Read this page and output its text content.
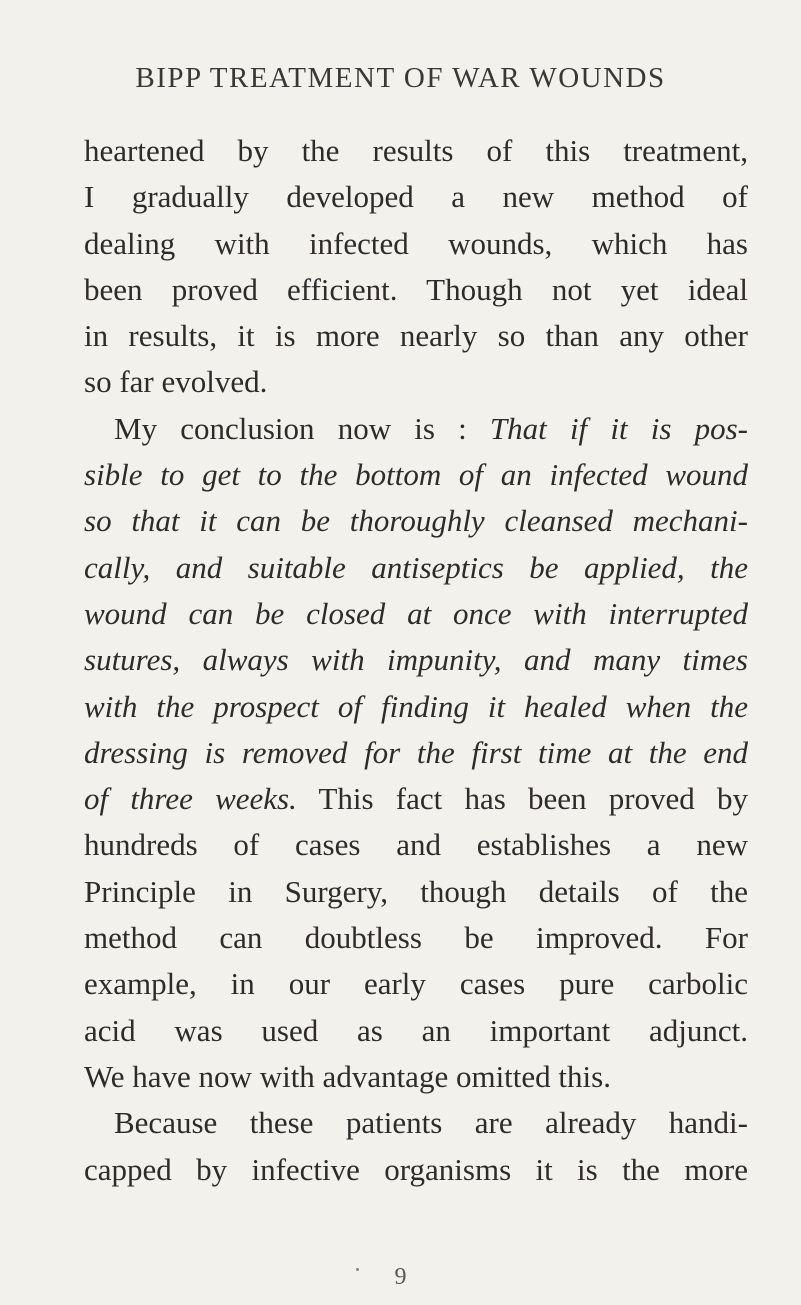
BIPP TREATMENT OF WAR WOUNDS
heartened by the results of this treatment,
I gradually developed a new method of
dealing with infected wounds, which has
been proved efficient. Though not yet ideal
in results, it is more nearly so than any other
so far evolved.
My conclusion now is : That if it is pos-
sible to get to the bottom of an infected wound
so that it can be thoroughly cleansed mechani-
cally, and suitable antiseptics be applied, the
wound can be closed at once with interrupted
sutures, always with impunity, and many times
with the prospect of finding it healed when the
dressing is removed for the first time at the end
of three weeks. This fact has been proved by
hundreds of cases and establishes a new
Principle in Surgery, though details of the
method can doubtless be improved. For
example, in our early cases pure carbolic
acid was used as an important adjunct.
We have now with advantage omitted this.
Because these patients are already handi-
capped by infective organisms it is the more
9
